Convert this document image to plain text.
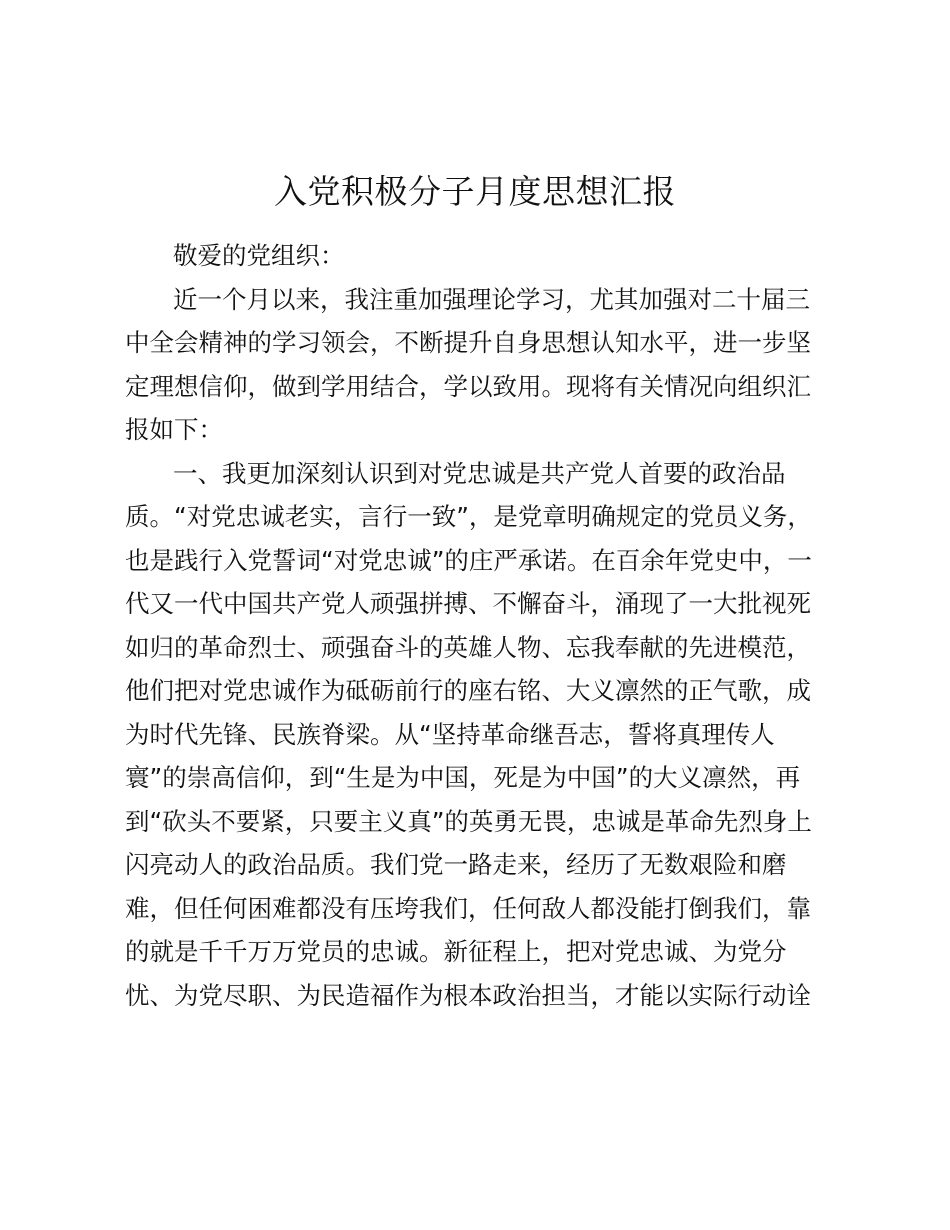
入党积极分子月度思想汇报
敬爱的党组织：
近一个月以来，我注重加强理论学习，尤其加强对二十届三
中全会精神的学习领会，不断提升自身思想认知水平，进一步坚
定理想信仰，做到学用结合，学以致用。现将有关情况向组织汇
报如下：
一、我更加深刻认识到对党忠诚是共产党人首要的政治品
质。“对党忠诚老实，言行一致”，是党章明确规定的党员义务，
也是践行入党誓词“对党忠诚”的庄严承诺。在百余年党史中，一
代又一代中国共产党人顽强拼搏、不懈奋斗，涌现了一大批视死
如归的革命烈士、顽强奋斗的英雄人物、忘我奉献的先进模范，
他们把对党忠诚作为砥砺前行的座右铭、大义凛然的正气歌，成
为时代先锋、民族脊梁。从“坚持革命继吾志，誓将真理传人
寰”的崇高信仰，到“生是为中国，死是为中国”的大义凛然，再
到“砍头不要紧，只要主义真”的英勇无畏，忠诚是革命先烈身上
闪亮动人的政治品质。我们党一路走来，经历了无数艰险和磨
难，但任何困难都没有压垮我们，任何敌人都没能打倒我们，靠
的就是千千万万党员的忠诚。新征程上，把对党忠诚、为党分
忧、为党尽职、为民造福作为根本政治担当，才能以实际行动诠
